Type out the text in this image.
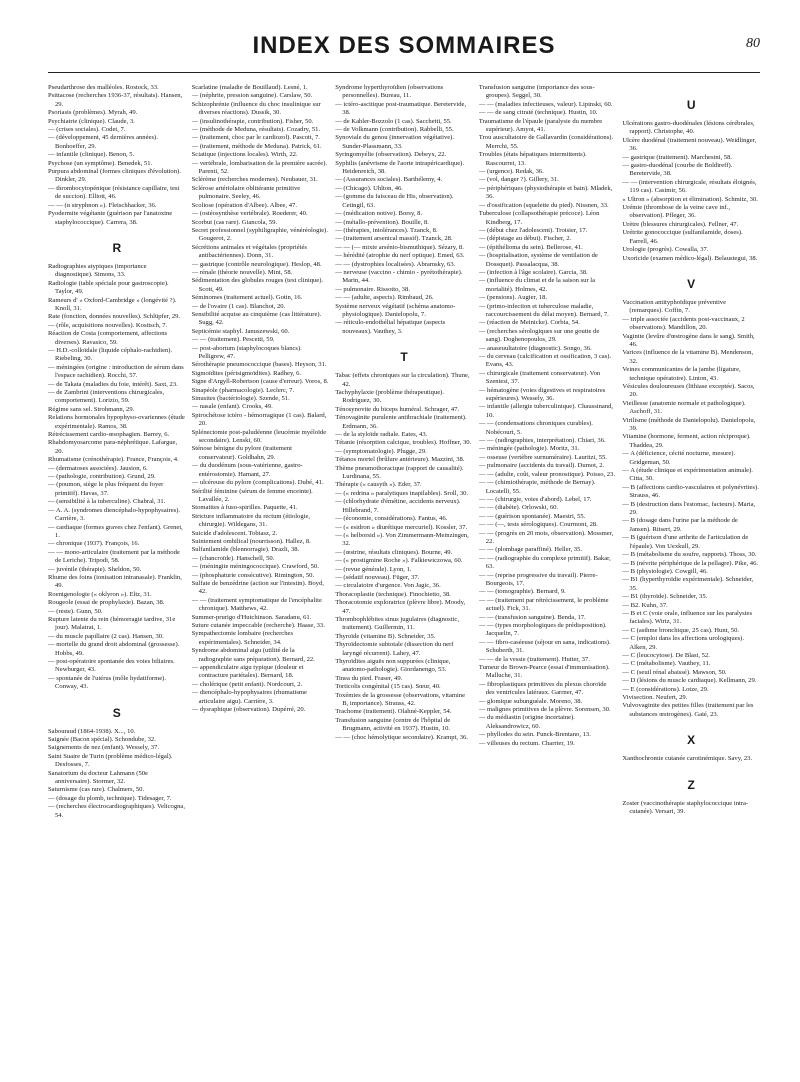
INDEX DES SOMMAIRES	80
Pseudarthrose des malléoles. Rostock, 33.
Psittacose (recherches 1936-37, résultats). Hansen, 29.
Psoriasis (problèmes). Myrah, 49.
Psychiatrie (clinique). Claude, 3.
— (crises sociales). Codet, 7.
— (développement, 45 dernières années). Bonhoeffer, 29.
— infantile (clinique). Benon, 5.
Psychose (un symptôme). Benedek, 51.
Purpura abdominal (formes cliniques d'évolution). Dinkler, 29.
— thrombocytopénique (résistance capillaire, test de succion). Elliott, 46.
— — (α stryphnon »). Fleischhacker, 36.
Pyodermite végétante (guérison par l'anatoxine staphylococcique). Carrera, 38.
R
Radiographies atypiques (importance diagnostique). Simons, 33.
Radiologie (table spéciale pour gastroscopie). Taylor, 49.
Rameurs d' « Oxford-Cambridge » (longévité ?). Knoll, 31.
Rate (fonction, données nouvelles). Schlüpfer, 29.
— (rôle, acquisitions nouvelles). Kositsch, 7.
Réaction de Costa (comportement, affections diverses). Ravasico, 59.
— H.D.-colloïdale (liquide céphalo-rachidien). Riebeling, 30.
— méningées (origine : introduction de sérum dans l'espace rachidien). Rocchi, 57.
— de Takata (maladies du foie, intérêt). Saxt, 23.
— de Zambrini (interventions chirurgicales, comportement). Lorizio, 59.
Régime sans sel. Strohmann, 29.
Relations hormonales hypophyso-ovariennes (étude expérimentale). Ramos, 38.
Rétrécissement cardio-œsophagien. Barrey, 6.
Rhabdomyosarcome para-néphrétique. Lafargue, 20.
Rhumatisme (crénothérapie). France, François, 4.
— (dermatoses associées). Jausion, 6.
— (pathologie, contribution). Grund, 29.
— (poumon, siège le plus fréquent du foyer primitif). Havas, 37.
— (sensibilité à la tuberculine). Chabral, 31.
— A. A. (syndromes diencéphalo-hypophysaires). Carrière, 3.
— cardiaque (formes graves chez l'enfant). Grenet, 1.
— chronique (1937). François, 16.
— — mono-articulaire (traitement par la méthode de Leriche). Tripodi, 58.
— juvénile (thérapie). Sheldon, 50.
Rhume des foins (ionisation intranasale). Franklin, 49.
Roentgenologie (« oklyron »). Eltz, 31.
Rougeole (essai de prophylaxie). Bazan, 38.
— (reste). Gunn, 50.
Rupture latente du rein (hémorragie tardive, 31e jour). Malatrat, 1.
— du muscle papillaire (2 cas). Hansen, 30.
— mortelle du grand droit abdominal (grossesse). Hobbs, 49.
— post-opératoire spontanée des voies biliaires. Newburger, 43.
— spontanée de l'utérus (môle hydatiforme). Conway, 43.
S
Sabouraud (1864-1938). X..., 10.
Saignée (Bacon spécial). Schondube, 32.
Saignements de nez (enfant). Wessely, 37.
Saint Suaire de Turin (problème médico-légal). Desfosses, 7.
Sanatorium du docteur Lahmann (50e anniversaire). Stormer, 32.
Saturnisme (cas rare). Chalmers, 50.
— (dosage du plomb, technique). Tidesager, 7.
— (recherches électrocardiographiques). Velicogna, 54.
Scarlatine (maladie de Bouillaud). Lesné, 1.
— (néphrite, pression sanguine). Carslaw, 50.
Schizophrénie (influence du choc insulinique sur diverses réactions). Dussik, 30.
— (insulinothérapie, contribution). Fisher, 50.
— (méthode de Meduna, résultats). Cozadry, 51.
— (traitement, choc par le cardiozol). Pascott, 7.
— (traitement, méthode de Meduna). Patrick, 61.
Sciatique (injections locales). Wirth, 22.
— vertébrale, lombarisation de la première sacrée). Parenti, 52.
Sclérème (recherches modernes). Neubauer, 31.
Sclérose artériolaire oblitérante primitive pulmonaire. Seeley, 46.
Scoliose (opération d'Albee). Albee, 47.
— (ostéosynthèse vertébrale). Roederer, 40.
Scorbut (cas rare). Giancola, 59.
Secret professionnel (syphiligraphie, vénéréologie). Gougerot, 2.
Sécrétions animales et végétales (propriétés antibactériennes). Donn, 31.
— gastrique (contrôle neurologique). Heslop, 48.
— rénale (théorie nouvelle). Mini, 58.
Sédimentation des globules rouges (test clinique). Scott, 49.
Séminomes (traitement actuel). Gotin, 16.
— de l'ovaire (1 cas). Blanchot, 20.
Sensibilité acquise au cinquième (cas littérature). Sugg, 42.
Septicémie staphyl. Januszewski, 60.
— — (traitement). Pescetti, 59.
— post-abortum (staphylocoques blancs). Pelligrew, 47.
Sérothérapie pneumococcique (bases). Heyson, 31.
Sigmoïdites (périsigmoïdites). Radhey, 6.
Signe d'Argyll-Robertson (cause d'erreur). Voros, 8.
Sinapéole (pharmacologie). Leclerc, 7.
Sinusites (bactériologie). Szende, 51.
— nasale (enfant). Crooks, 49.
Spirochétose ictéro - hémorragique (1 cas). Balard, 20.
Splénectomie post-paludéenne (leucémie myéloïde secondaire). Lenski, 60.
Sténose bénigne du pylore (traitement conservateur). Goldhahn, 29.
— du duodénum (sous-vatérienne, gastro-entérostomie). Hamant, 27.
— ulcéreuse du pylore (complications). Dubé, 41.
Stérilité féminine (sérum de femme enceinte). Lavallée, 2.
Stomatites à fuso-spirilles. Paquette, 41.
Stricture inflammatoire du rectum (étiologie, chirurgie). Wildegans, 31.
Suicide d'adolescent. Tobiasz, 2.
Suintement ombilical (nourrisson). Hallez, 8.
Sulfanilamide (blennorragie). Drazli, 38.
— (chancroïde). Hanschell, 50.
— (méningite méningococcique). Crawford, 50.
— (phosphaturie consécutive). Rimington, 50.
Sulfate de benzédrine (action sur l'intestin). Boyd, 42.
— — (traitement symptomatique de l'encéphalite chronique). Matthews, 42.
Summer-prurigo d'Hutchinson. Saradanu, 61.
Suture cutanée impeccable (recherche). Haase, 33.
Sympathectomie lombaire (recherches expérimentales). Schneider, 34.
Syndrome abdominal aigu (utilité de la radiographie sans préparation). Bernard, 22.
— appendiculaire aigu typique (douleur et contracture pariétales). Bernard, 18.
— cholérique (petit enfant). Nordcourt, 2.
— diencéphalo-hypophysaires (rhumatisme articulaire aigu). Carrière, 3.
— dysraphique (observation). Dupérré, 20.
Syndrome hyperthyroïdien (observations personnelles). Bureau, 11.
— ictéro-ascitique post-traumatique. Beretervide, 38.
— de Kahler-Bozzolo (1 cas). Sacchetti, 55.
— de Volkmann (contribution). Rabbelli, 55.
Synoviale du genou (innervation végétative). Sunder-Plassmann, 33.
Syringomyélie (observation). Debeyx, 22.
Syphilis (anévrisme de l'aorte intrapéricardique). Heidenreich, 38.
— (Assurances sociales). Barthélemy, 4.
— (Chicago). Uhlton, 46.
— (gomme du faisceau de His, observation). Cetingil, 63.
— (médication notive). Borsy, 8.
— (métallo-prévention). Bouille, 8.
— (thérapies, intolérances). Tzanck, 8.
— (traitement arsenical massif). Tzanck, 28.
— — (— mixte arsénio-bismuthique). Sézary, 8.
— hérédité (atrophie du nerf optique). Emed, 63.
— — (dystrophies localisées). Abramsky, 63.
— nerveuse (vaccino - chimio - pyrétothérapie). Marin, 44.
— pulmonaire. Rissotto, 38.
— — (adulte, aspects). Rimbaud, 26.
Système nerveux végétatif (schéma anatomo-physiologique). Danielopolu, 7.
— réticulo-endothélial hépatique (aspects nouveaux). Vauthey, 3.
T
Tabac (effets chroniques sur la circulation). Thune, 42.
Tachyphylaxie (problème thérapeutique). Rodriguez, 30.
Ténosynovite du biceps huméral. Schrager, 47.
Ténovaginite purulente antibrachiale (traitement). Erdmann, 36.
— de la styloïde radiale. Eates, 43.
Tétanie (résorption calcique, troubles). Hoffner, 30.
— (symptomatologie). Plugge, 29.
Tétanos mortel (brûlure antérieure). Mazzini, 38.
Thème pneumothoracique (rapport de causalité). Lurdinana, 55.
Thérapie (« causyth »). Eder, 37.
— (« redrina » paralytiques inapilables). Sroll, 30.
— (chlorhydrate d'émétine, accidents nerveux). Hillebrand, 7.
— (économie, considérations). Fantus, 46.
— (« esidron » diurétique mercuriel). Kossler, 37.
— (« helborsid »). Von Zimmermann-Meinzingen, 32.
— (œstrine, résultats cliniques). Bourne, 49.
— (« prostigmine Roche »). Falkiewiczowa, 60.
— (revue générale). Lyon, 1.
— (sédatif nouveau). Füger, 37.
— circulatoire d'urgence. Von Jagic, 36.
Thoracoplastie (technique). Finochietto, 38.
Thoracotomie exploratrice (plèvre libre). Moody, 47.
Thrombophlébites sinus jugulaires (diagnostic, traitement). Guillermin, 11.
Thyroïde (vitamine B). Schneider, 35.
Thyroïdectomie subtotale (dissection du nerf laryngé récurrent). Lahey, 47.
Thyroïdites aiguës non suppurées (clinique, anatomo-pathologie). Giordanengo, 53.
Tinea du pied. Fraser, 49.
Torticolis congénital (15 cas). Sœur, 40.
Toxémies de la grossesse (observations, vitamine B, importance). Strauss, 42.
Trachome (traitement). Olahné-Keppler, 54.
Transfusion sanguine (centre de l'hôpital de Brugmann, activité en 1937). Hustin, 10.
— — (choc hémolytique secondaire). Krampt, 36.
Transfusion sanguine (importance des sous-groupes). Seggel, 30.
— — (maladies infectieuses, valeur). Lipinski, 60.
— — de sang citraté (technique). Hustin, 10.
Traumatisme de l'épaule (paralysie du membre supérieur). Amyot, 41.
Trou auscultatoire de Gallavardin (considérations). Merrchi, 55.
Troubles (états hépatiques intermittents). Rascourret, 13.
— (urgence). Redak, 36.
— (vol, danger ?). Gillery, 31.
— périphériques (physiothérapie et bain). Mladek, 36.
— d'ossification (squelette du pied). Nissnen, 33.
Tuberculose (collapsothérapie précoce). Léon Kindberg, 17.
— (début chez l'adolescent). Troisier, 17.
— (dépistage au début). Fischer, 2.
— (épithélioma du sein). Bellerose, 41.
— (hospitalisation, système de ventilation de Dossquet). Passalacqua, 38.
— (infection à l'âge scolaire). Garcia, 38.
— (influence du climat et de la saison sur la mortalité). Holmes, 42.
— (pensions). Augier, 18.
— (primo-infection et tuberculose maladie, raccourcissement du délai moyen). Bernard, 7.
— (réaction de Meinicke). Corbia, 54.
— (recherches sérologiques sur une goutte de sang). Doghenopoulos, 29.
— anaseuultatoire (diagnostic). Songo, 36.
— du cerveau (calcification et ossification, 3 cas). Evans, 43.
— chirurgicale (traitement conservateur). Von Szentesi, 37.
— hématogène (voies digestives et respiratoires supérieures). Wessely, 36.
— infantile (allergie tuberculinique). Chaussinand, 10.
— — (condensations chroniques curables). Nobécourt, 5.
— — (radiographies, interprétation). Chiari, 36.
— méningée (pathologie). Moritz, 31.
— osseuse (vertèbre surnuméraire). Lauritzi, 55.
— pulmonaire (accidents du travail). Dumot, 2.
— — (adulte, coût, valeur pronostique). Poisso, 23.
— — (chimiothérapie, méthode de Bernay). Locatelli, 55.
— — (chirurgie, voies d'abord). Lebel, 17.
— — (diabète). Orlowski, 60.
— — (guérison spontanée). Maestri, 55.
— — (—, tests sérologiques). Courmont, 28.
— — (progrès en 20 mois, observation). Mossmer, 22.
— — (plombage paraffiné). Heller, 35.
— — (radiographie du complexe primitif). Bakar, 63.
— — (reprise progressive du travail). Pierre-Bourgeois, 17.
— — (tomographie). Bernard, 9.
— — (traitement par rétrécissement, le problème actuel). Fick, 31.
— — (transfusion sanguine). Benda, 17.
— — (types morphologiques de prédisposition). Jacquelin, 7.
— — fibro-caséeuse (séjour en sana, indications). Schuberth, 31.
— — de la vessie (traitement). Hutter, 37.
Tumeur de Brown-Pearce (essai d'immunisation). Malluche, 31.
— fibroplastiques primitives du plexus choroïde des ventricules latéraux. Garrner, 47.
— glomique subunguéale. Moreno, 38.
— malignes primitives de la plèvre. Sorensen, 30.
— du médiastin (origine incertaine). Aleksandrowicz, 60.
— phyllodes du sein. Funck-Brentano, 13.
— villeuses du rectum. Charrier, 19.
U
Ulcérations gastro-duodénales (lésions cérébrales, rapport). Christophe, 40.
Ulcère duodénal (traitement nouveau). Weidlinger, 36.
— gastrique (traitement). Marchesini, 58.
— gastro-duodénal (courbe de Boldireff). Beretervide, 38.
— — (intervention chirurgicale, résultats éloignés, 119 cas). Casimir, 56.
« Ultron » (absorption et élimination). Schmitz, 30.
Urémie (thrombose de la veine cave inf., observation). Pfleger, 36.
Urètre (blessures chirurgicales). Fellner, 47.
Urétrite gonococcique (sulfanilamide, doses). Farrell, 46.
Urologie (progrès). Cowalla, 37.
Uxoricide (examen médico-légal). Belaustegui, 38.
V
Vaccination antityphoïdique préventive (remarques). Coffin, 7.
— triple associée (accidents post-vaccinaux, 2 observations). Mandillon, 20.
Vaginite (levûre d'œstrogène dans le sang). Smith, 46.
Varices (influence de la vitamine B). Mendenson, 32.
Veines communicantes de la jambe (ligature, technique opératoire). Linton, 43.
Vésicules douloureuses (lithiase exceptée). Sacos, 20.
Vieillesse (anatomie normale et pathologique). Aschoff, 31.
Virilisme (méthode de Danielopolu). Danielopolu, 39.
Vitamine (hormone, ferment, action réciproque). Thaddea, 29.
— A (déficience, cécité nocturne, mesure). Gridgeman, 50.
— A (étude clinique et expérimentation animale). Citta, 30.
— B (affections cardio-vasculaires et polynévrites). Strauss, 46.
— B (destruction dans l'estomac, facteurs). Maria, 29.
— B (dosage dans l'urine par la méthode de Jansen). Ritsert, 29.
— B (guérison d'une arthrite de l'articulation de l'épaule). Von Uexkull, 29.
— B (métabolisme du soufre, rapports). Thoss, 30.
— B (névrite périphérique de la pellagre). Pike, 46.
— B (physiologie). Cowgill, 46.
— B1 (hyperthyroïdie expérimentale). Schneider, 35.
— B1 (thyroïde). Schneider, 35.
— B2. Kuhn, 37.
— B et C (voie orale, influence sur les paralysies faciales). Wirtz, 31.
— C (asthme bronchique, 25 cas). Hunt, 50.
— C (emploi dans les affections urologiques). Alken, 29.
— C (leucocytose). De Blasi, 52.
— C (métabolisme). Vauthey, 11.
— C (seuil rénal abaissé). Mawson, 50.
— D (lésions du muscle cardiaque). Kellmann, 29.
— E (considérations). Lotze, 29.
Vivisection. Neufert, 29.
Vulvovaginite des petites filles (traitement par les substances œstrogènes). Gaté, 23.
X
Xanthochromie cutanée carotinémique. Savy, 23.
Z
Zoster (vaccinothérapie staphylococcique intra-cutanée). Versari, 39.
